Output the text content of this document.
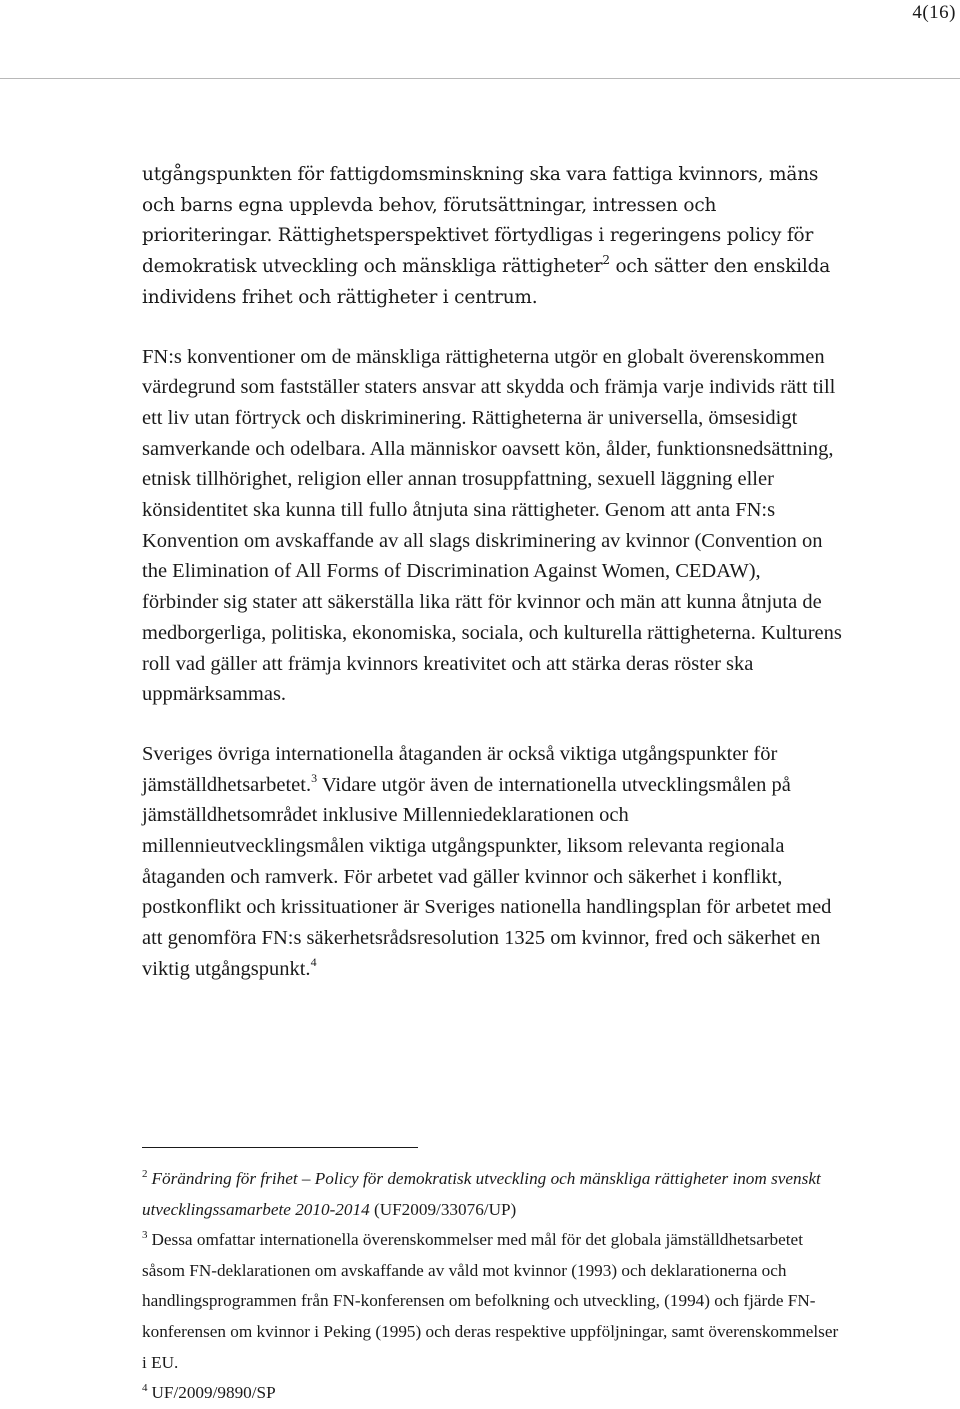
4(16)

utgångspunkten för fattigdomsminskning ska vara fattiga kvinnors, mäns och barns egna upplevda behov, förutsättningar, intressen och prioriteringar. Rättighetsperspektivet förtydligas i regeringens policy för demokratisk utveckling och mänskliga rättigheter$^2$ och sätter den enskilda individens frihet och rättigheter i centrum.

FN:s konventioner om de mänskliga rättigheterna utgör en globalt överenskommen värdegrund som fastställer staters ansvar att skydda och främja varje individs rätt till ett liv utan förtryck och diskriminering. Rättigheterna är universella, ömsesidigt samverkande och odelbara. Alla människor oavsett kön, ålder, funktionsnedsättning, etnisk tillhörighet, religion eller annan trosuppfattning, sexuell läggning eller könsidentitet ska kunna till fullo åtnjuta sina rättigheter. Genom att anta FN:s Konvention om avskaffande av all slags diskriminering av kvinnor (Convention on the Elimination of All Forms of Discrimination Against Women, CEDAW), förbinder sig stater att säkerställa lika rätt för kvinnor och män att kunna åtnjuta de medborgerliga, politiska, ekonomiska, sociala, och kulturella rättigheterna. Kulturens roll vad gäller att främja kvinnors kreativitet och att stärka deras röster ska uppmärksammas.

Sveriges övriga internationella åtaganden är också viktiga utgångspunkter för jämställdhetsarbetet.$^3$ Vidare utgör även de internationella utvecklingsmålen på jämställdhetsområdet inklusive Millenniedeklarationen och millennieutvecklingsmålen viktiga utgångspunkter, liksom relevanta regionala åtaganden och ramverk. För arbetet vad gäller kvinnor och säkerhet i konflikt, postkonflikt och krissituationer är Sveriges nationella handlingsplan för arbetet med att genomföra FN:s säkerhetsrådsresolution 1325 om kvinnor, fred och säkerhet en viktig utgångspunkt.$^4$

$^2$ Förändring för frihet – Policy för demokratisk utveckling och mänskliga rättigheter inom svenskt utvecklingssamarbete 2010-2014 (UF2009/33076/UP)

$^3$ Dessa omfattar internationella överenskommelser med mål för det globala jämställdhetsarbetet såsom FN-deklarationen om avskaffande av våld mot kvinnor (1993) och deklarationerna och handlingsprogrammen från FN-konferensen om befolkning och utveckling, (1994) och fjärde FN-konferensen om kvinnor i Peking (1995) och deras respektive uppföljningar, samt överenskommelser i EU.

$^4$ UF/2009/9890/SP
